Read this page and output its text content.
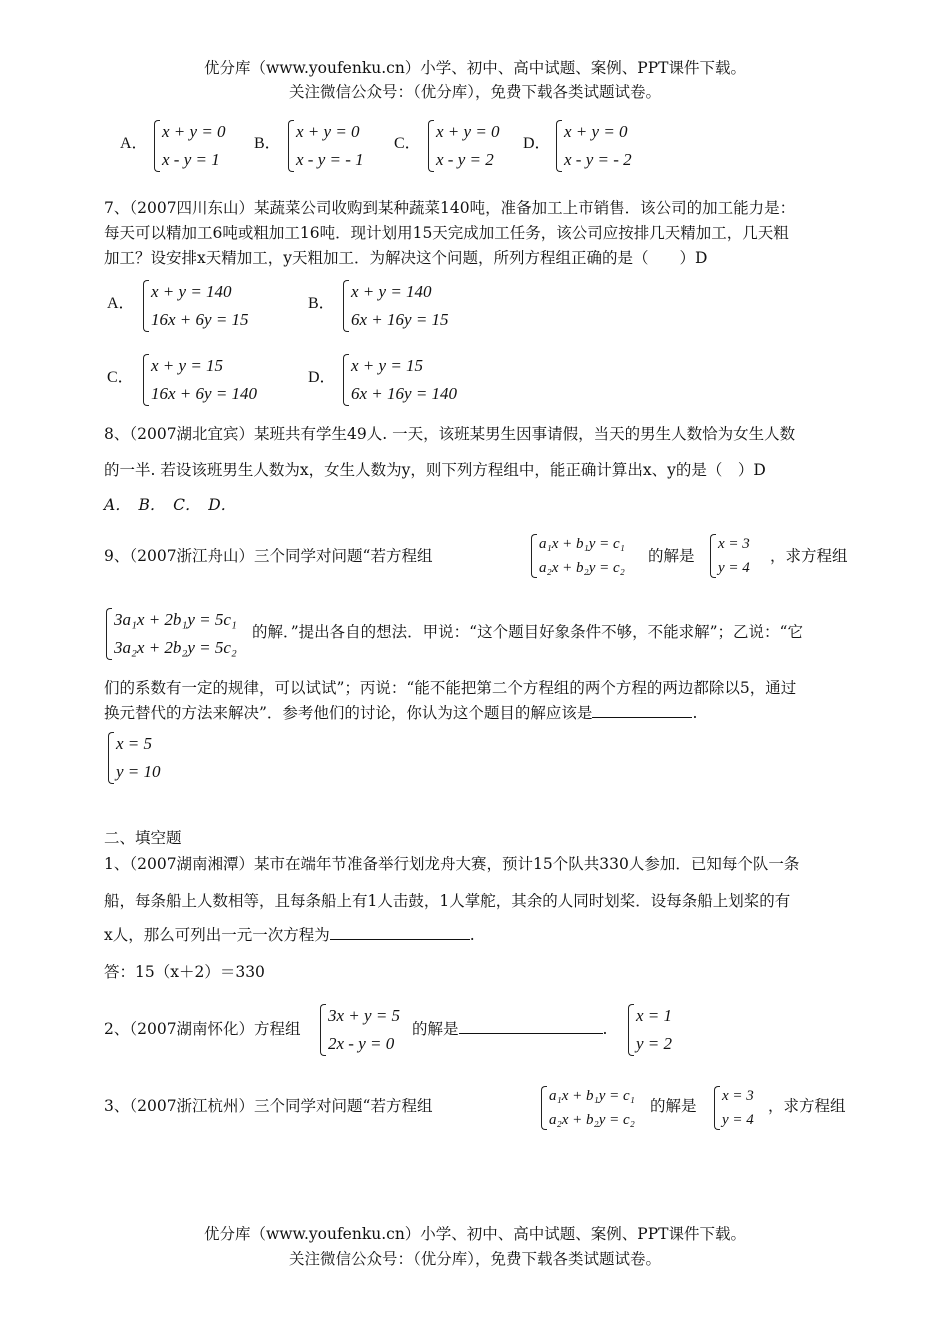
优分库（www.youfenku.cn）小学、初中、高中试题、案例、PPT课件下载。
关注微信公众号：（优分库），免费下载各类试题试卷。
A．
x + y = 0
x - y = 1
B．
x + y = 0
x - y = - 1
C．
x + y = 0
x - y = 2
D．
x + y = 0
x - y = - 2
7、（2007四川东山）某蔬菜公司收购到某种蔬菜140吨，准备加工上市销售．该公司的加工能力是：
每天可以精加工6吨或粗加工16吨．现计划用15天完成加工任务，该公司应按排几天精加工，几天粗
加工？设安排x天精加工，y天粗加工．为解决这个问题，所列方程组正确的是（　　）D
A．
x + y = 140
16x + 6y = 15
B．
x + y = 140
6x + 16y = 15
C．
x + y = 15
16x + 6y = 140
D．
x + y = 15
6x + 16y = 140
8、（2007湖北宜宾）某班共有学生49人. 一天，该班某男生因事请假，当天的男生人数恰为女生人数
的一半. 若设该班男生人数为x，女生人数为y，则下列方程组中，能正确计算出x、y的是（　）D
A．　B．　C．　D．
9、（2007浙江舟山）三个同学对问题“若方程组
a₁x + b₁y = c₁
a₂x + b₂y = c₂
的解是
x = 3
y = 4
，求方程组
3a₁x + 2b₁y = 5c₁
3a₂x + 2b₂y = 5c₂
的解．”提出各自的想法．甲说：“这个题目好象条件不够，不能求解”；乙说：“它
们的系数有一定的规律，可以试试”；丙说：“能不能把第二个方程组的两个方程的两边都除以5，通过
换元替代的方法来解决”．参考他们的讨论，你认为这个题目的解应该是	.
x = 5
y = 10
二、填空题
1、（2007湖南湘潭）某市在端年节准备举行划龙舟大赛，预计15个队共330人参加．已知每个队一条
船，每条船上人数相等，且每条船上有1人击鼓，1人掌舵，其余的人同时划桨．设每条船上划桨的有
x人，那么可列出一元一次方程为	.
答：15（x＋2）＝330
2、（2007湖南怀化）方程组
3x + y = 5
2x - y = 0
的解是	.
x = 1
y = 2
3、（2007浙江杭州）三个同学对问题“若方程组
a₁x + b₁y = c₁
a₂x + b₂y = c₂
的解是
x = 3
y = 4
，求方程组
优分库（www.youfenku.cn）小学、初中、高中试题、案例、PPT课件下载。
关注微信公众号：（优分库），免费下载各类试题试卷。
